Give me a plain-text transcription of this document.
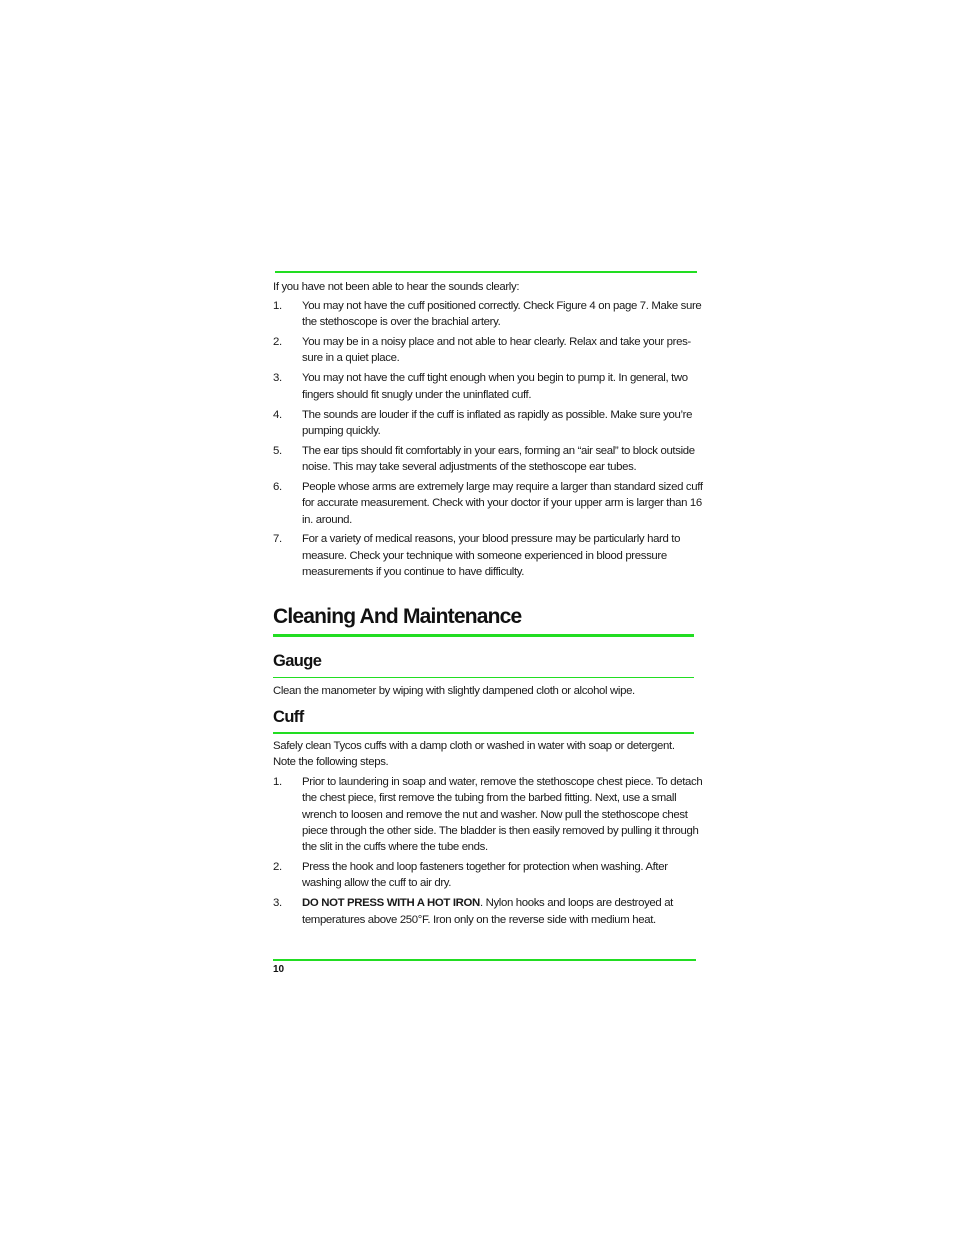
If you have not been able to hear the sounds clearly:
1. You may not have the cuff positioned correctly. Check Figure 4 on page 7. Make sure the stethoscope is over the brachial artery.
2. You may be in a noisy place and not able to hear clearly. Relax and take your pres-sure in a quiet place.
3. You may not have the cuff tight enough when you begin to pump it. In general, two fingers should fit snugly under the uninflated cuff.
4. The sounds are louder if the cuff is inflated as rapidly as possible. Make sure you’re pumping quickly.
5. The ear tips should fit comfortably in your ears, forming an “air seal” to block outside noise. This may take several adjustments of the stethoscope ear tubes.
6. People whose arms are extremely large may require a larger than standard sized cuff for accurate measurement. Check with your doctor if your upper arm is larger than 16 in. around.
7. For a variety of medical reasons, your blood pressure may be particularly hard to measure. Check your technique with someone experienced in blood pressure measurements if you continue to have difficulty.
Cleaning And Maintenance
Gauge
Clean the manometer by wiping with slightly dampened cloth or alcohol wipe.
Cuff
Safely clean Tycos cuffs with a damp cloth or washed in water with soap or detergent. Note the following steps.
1. Prior to laundering in soap and water, remove the stethoscope chest piece. To detach the chest piece, first remove the tubing from the barbed fitting. Next, use a small wrench to loosen and remove the nut and washer. Now pull the stethoscope chest piece through the other side. The bladder is then easily removed by pulling it through the slit in the cuffs where the tube ends.
2. Press the hook and loop fasteners together for protection when washing. After washing allow the cuff to air dry.
3. DO NOT PRESS WITH A HOT IRON. Nylon hooks and loops are destroyed at temperatures above 250°F. Iron only on the reverse side with medium heat.
10
